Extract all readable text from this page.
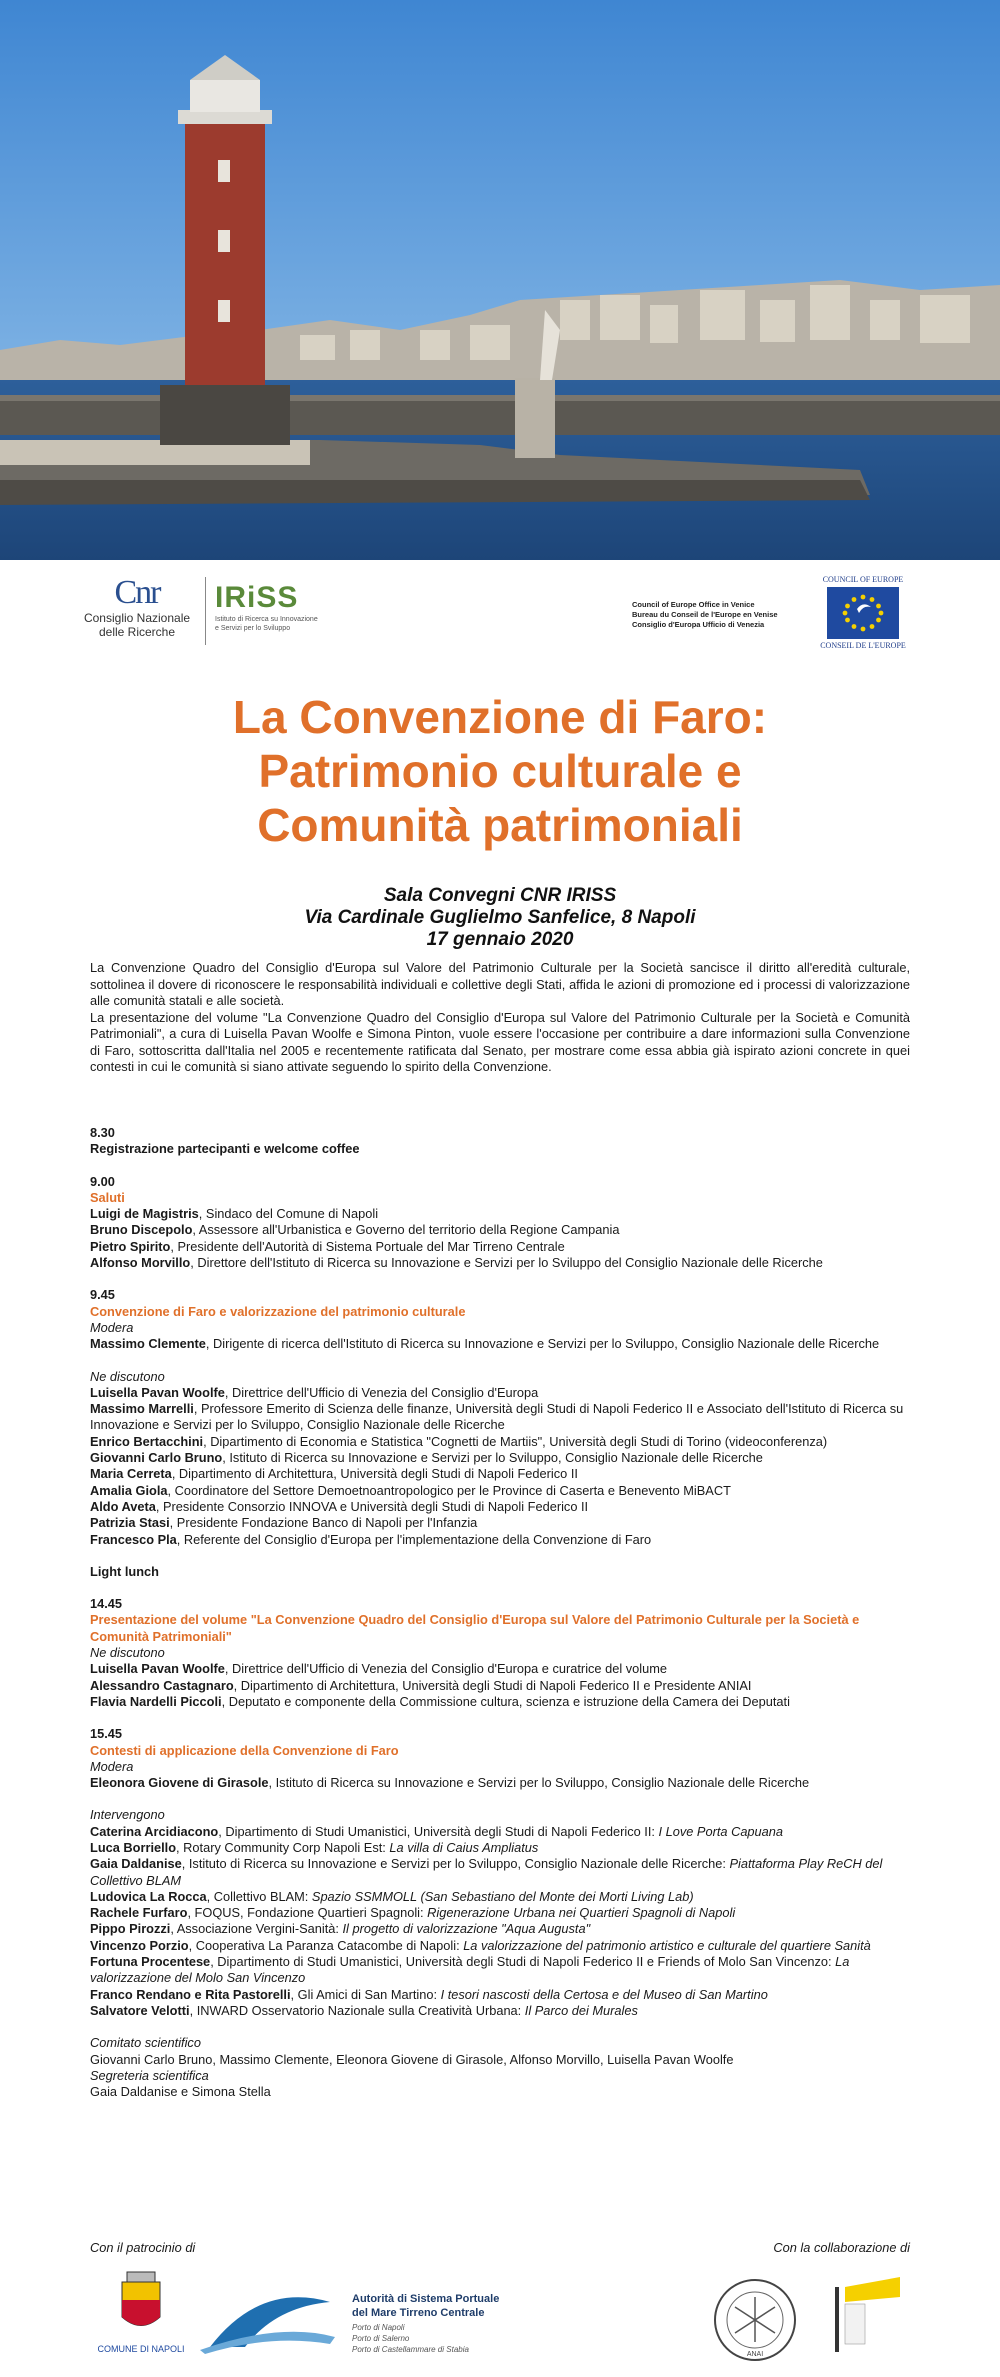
Cnr
Consiglio Nazionale
delle Ricerche
IRiSS
Istituto di Ricerca su Innovazione
e Servizi per lo Sviluppo
Council of Europe Office in Venice
Bureau du Conseil de l'Europe en Venise
Consiglio d'Europa Ufficio di Venezia
COUNCIL OF EUROPE
CONSEIL DE L'EUROPE
La Convenzione di Faro:
Patrimonio culturale e
Comunità patrimoniali
Sala Convegni CNR IRISS
Via Cardinale Guglielmo Sanfelice, 8 Napoli
17 gennaio 2020

La Convenzione Quadro del Consiglio d'Europa sul Valore del Patrimonio Culturale per la Società sancisce il diritto all'eredità culturale, sottolinea il dovere di riconoscere le responsabilità individuali e collettive degli Stati, affida le azioni di promozione ed i processi di valorizzazione alle comunità statali e alle società.

La presentazione del volume "La Convenzione Quadro del Consiglio d'Europa sul Valore del Patrimonio Culturale per la Società e Comunità Patrimoniali", a cura di Luisella Pavan Woolfe e Simona Pinton, vuole essere l'occasione per contribuire a dare informazioni sulla Convenzione di Faro, sottoscritta dall'Italia nel 2005 e recentemente ratificata dal Senato, per mostrare come essa abbia già ispirato azioni concrete in quei contesti in cui le comunità si siano attivate seguendo lo spirito della Convenzione.

8.30

Registrazione partecipanti e welcome coffee

9.00

Saluti

Luigi de Magistris, Sindaco del Comune di Napoli

Bruno Discepolo, Assessore all'Urbanistica e Governo del territorio della Regione Campania

Pietro Spirito, Presidente dell'Autorità di Sistema Portuale del Mar Tirreno Centrale

Alfonso Morvillo, Direttore dell'Istituto di Ricerca su Innovazione e Servizi per lo Sviluppo del Consiglio Nazionale delle Ricerche

9.45

Convenzione di Faro e valorizzazione del patrimonio culturale

Modera

Massimo Clemente, Dirigente di ricerca dell'Istituto di Ricerca su Innovazione e Servizi per lo Sviluppo, Consiglio Nazionale delle Ricerche

Ne discutono

Luisella Pavan Woolfe, Direttrice dell'Ufficio di Venezia del Consiglio d'Europa

Massimo Marrelli, Professore Emerito di Scienza delle finanze, Università degli Studi di Napoli Federico II e Associato dell'Istituto di Ricerca su Innovazione e Servizi per lo Sviluppo, Consiglio Nazionale delle Ricerche

Enrico Bertacchini, Dipartimento di Economia e Statistica "Cognetti de Martiis", Università degli Studi di Torino (videoconferenza)

Giovanni Carlo Bruno, Istituto di Ricerca su Innovazione e Servizi per lo Sviluppo, Consiglio Nazionale delle Ricerche

Maria Cerreta, Dipartimento di Architettura, Università degli Studi di Napoli Federico II

Amalia Giola, Coordinatore del Settore Demoetnoantropologico per le Province di Caserta e Benevento MiBACT

Aldo Aveta, Presidente Consorzio INNOVA e Università degli Studi di Napoli Federico II

Patrizia Stasi, Presidente Fondazione Banco di Napoli per l'Infanzia

Francesco Pla, Referente del Consiglio d'Europa per l'implementazione della Convenzione di Faro

Light lunch

14.45

Presentazione del volume "La Convenzione Quadro del Consiglio d'Europa sul Valore del Patrimonio Culturale per la Società e Comunità Patrimoniali"

Ne discutono

Luisella Pavan Woolfe, Direttrice dell'Ufficio di Venezia del Consiglio d'Europa e curatrice del volume

Alessandro Castagnaro, Dipartimento di Architettura, Università degli Studi di Napoli Federico II e Presidente ANIAI

Flavia Nardelli Piccoli, Deputato e componente della Commissione cultura, scienza e istruzione della Camera dei Deputati

15.45

Contesti di applicazione della Convenzione di Faro

Modera

Eleonora Giovene di Girasole, Istituto di Ricerca su Innovazione e Servizi per lo Sviluppo, Consiglio Nazionale delle Ricerche

Intervengono

Caterina Arcidiacono, Dipartimento di Studi Umanistici, Università degli Studi di Napoli Federico II: I Love Porta Capuana

Luca Borriello, Rotary Community Corp Napoli Est: La villa di Caius Ampliatus

Gaia Daldanise, Istituto di Ricerca su Innovazione e Servizi per lo Sviluppo, Consiglio Nazionale delle Ricerche: Piattaforma Play ReCH del Collettivo BLAM

Ludovica La Rocca, Collettivo BLAM: Spazio SSMMOLL (San Sebastiano del Monte dei Morti Living Lab)

Rachele Furfaro, FOQUS, Fondazione Quartieri Spagnoli: Rigenerazione Urbana nei Quartieri Spagnoli di Napoli

Pippo Pirozzi, Associazione Vergini-Sanità: Il progetto di valorizzazione "Aqua Augusta"

Vincenzo Porzio, Cooperativa La Paranza Catacombe di Napoli: La valorizzazione del patrimonio artistico e culturale del quartiere Sanità

Fortuna Procentese, Dipartimento di Studi Umanistici, Università degli Studi di Napoli Federico II e Friends of Molo San Vincenzo: La valorizzazione del Molo San Vincenzo

Franco Rendano e Rita Pastorelli, Gli Amici di San Martino: I tesori nascosti della Certosa e del Museo di San Martino

Salvatore Velotti, INWARD Osservatorio Nazionale sulla Creatività Urbana: Il Parco dei Murales

Comitato scientifico

Giovanni Carlo Bruno, Massimo Clemente, Eleonora Giovene di Girasole, Alfonso Morvillo, Luisella Pavan Woolfe

Segreteria scientifica

Gaia Daldanise e Simona Stella

Con il patrocinio di	Con la collaborazione di
COMUNE DI NAPOLI
Autorità di Sistema Portuale
del Mare Tirreno Centrale
Porto di Napoli
Porto di Salerno
Porto di Castellammare di Stabia
ANAI
